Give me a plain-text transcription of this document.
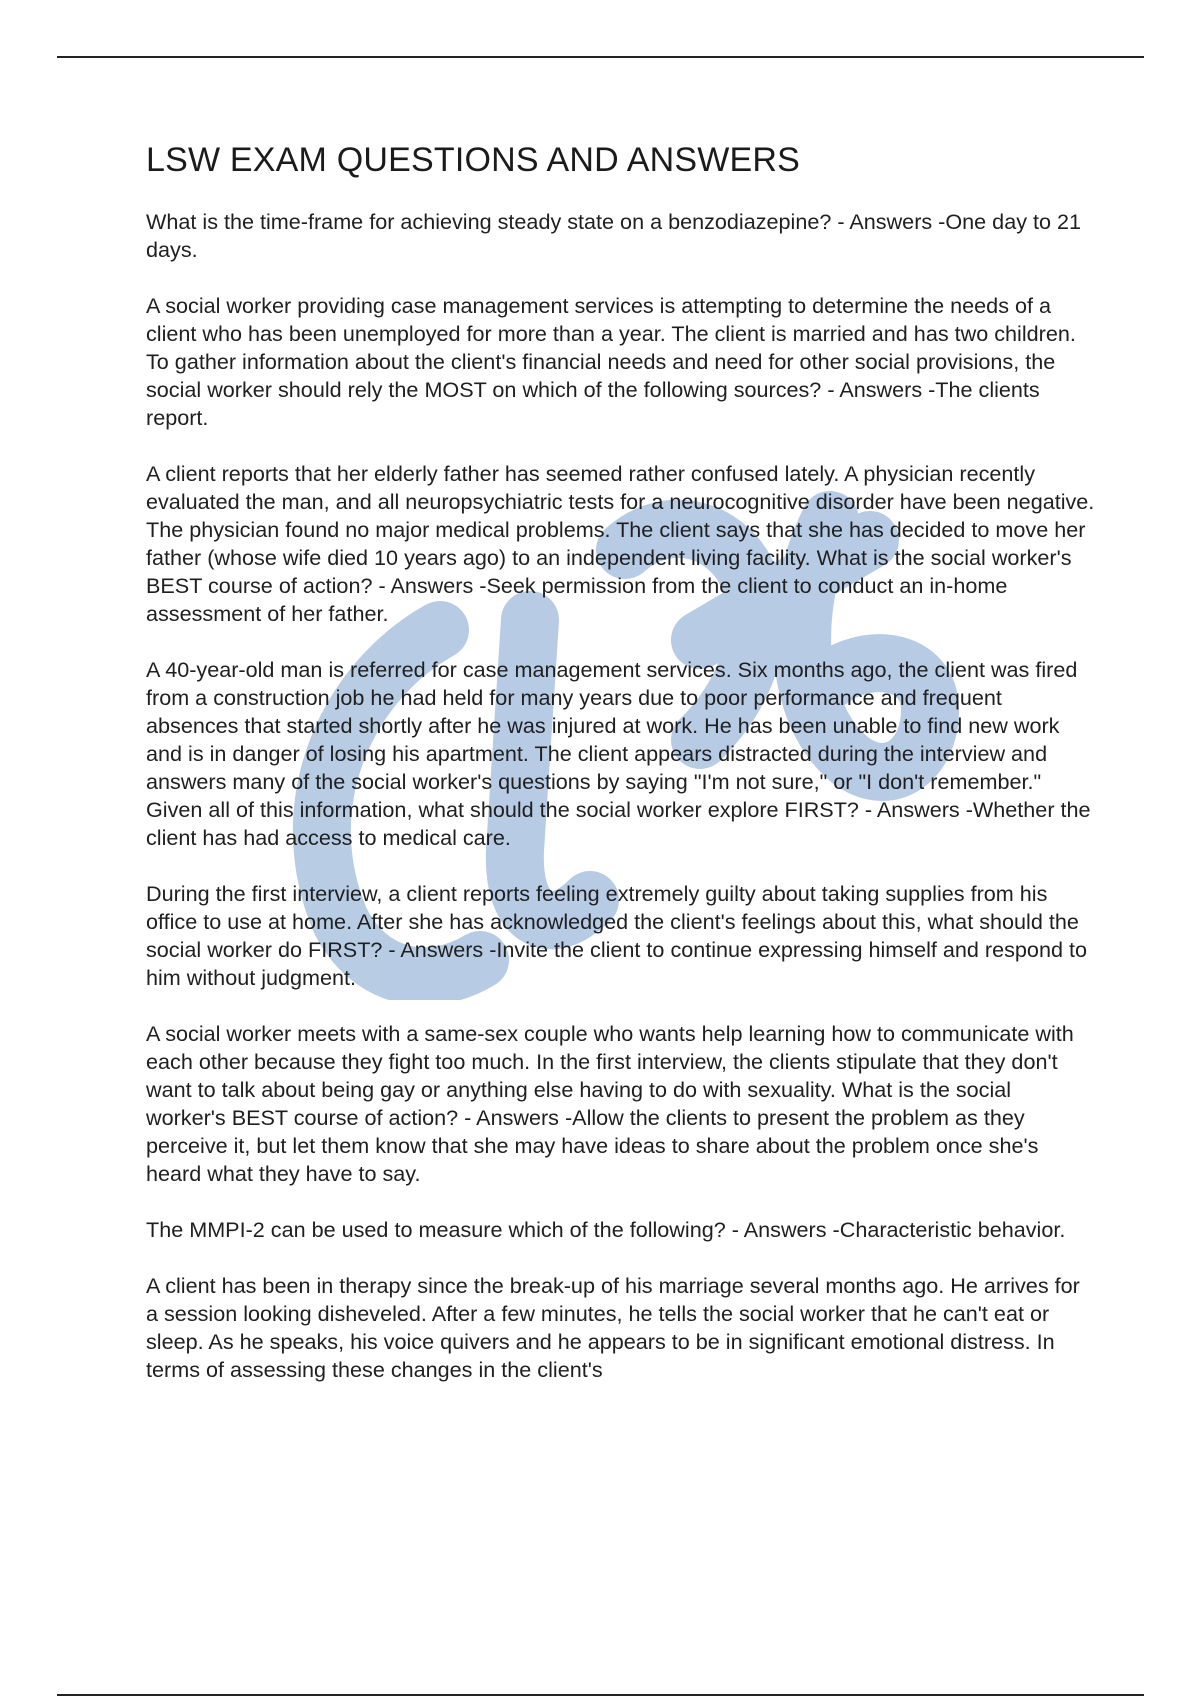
LSW EXAM QUESTIONS AND ANSWERS

What is the time-frame for achieving steady state on a benzodiazepine? - Answers -One day to 21 days.

A social worker providing case management services is attempting to determine the needs of a client who has been unemployed for more than a year. The client is married and has two children. To gather information about the client's financial needs and need for other social provisions, the social worker should rely the MOST on which of the following sources? - Answers -The clients report.

A client reports that her elderly father has seemed rather confused lately. A physician recently evaluated the man, and all neuropsychiatric tests for a neurocognitive disorder have been negative. The physician found no major medical problems. The client says that she has decided to move her father (whose wife died 10 years ago) to an independent living facility. What is the social worker's BEST course of action? - Answers -Seek permission from the client to conduct an in-home assessment of her father.

A 40-year-old man is referred for case management services. Six months ago, the client was fired from a construction job he had held for many years due to poor performance and frequent absences that started shortly after he was injured at work. He has been unable to find new work and is in danger of losing his apartment. The client appears distracted during the interview and answers many of the social worker's questions by saying "I'm not sure," or "I don't remember." Given all of this information, what should the social worker explore FIRST? - Answers -Whether the client has had access to medical care.

During the first interview, a client reports feeling extremely guilty about taking supplies from his office to use at home. After she has acknowledged the client's feelings about this, what should the social worker do FIRST? - Answers -Invite the client to continue expressing himself and respond to him without judgment.

A social worker meets with a same-sex couple who wants help learning how to communicate with each other because they fight too much. In the first interview, the clients stipulate that they don't want to talk about being gay or anything else having to do with sexuality. What is the social worker's BEST course of action? - Answers -Allow the clients to present the problem as they perceive it, but let them know that she may have ideas to share about the problem once she's heard what they have to say.

The MMPI-2 can be used to measure which of the following? - Answers -Characteristic behavior.

A client has been in therapy since the break-up of his marriage several months ago. He arrives for a session looking disheveled. After a few minutes, he tells the social worker that he can't eat or sleep. As he speaks, his voice quivers and he appears to be in significant emotional distress. In terms of assessing these changes in the client's
